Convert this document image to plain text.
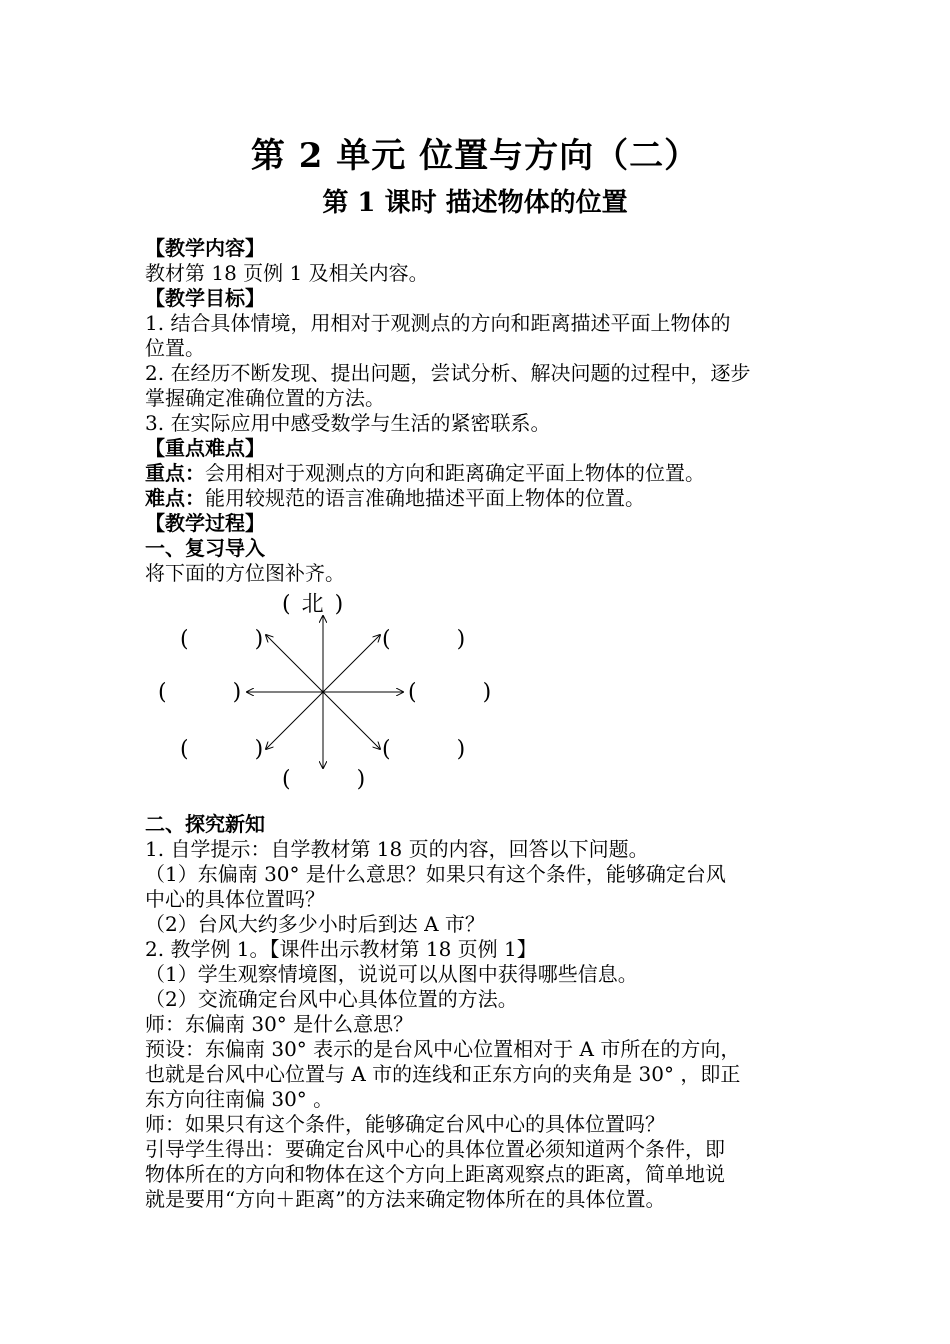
第 2 单元 位置与方向（二）
第 1 课时 描述物体的位置
【教学内容】
教材第 18 页例 1 及相关内容。
【教学目标】
1. 结合具体情境，用相对于观测点的方向和距离描述平面上物体的
位置。
2. 在经历不断发现、提出问题，尝试分析、解决问题的过程中，逐步
掌握确定准确位置的方法。
3. 在实际应用中感受数学与生活的紧密联系。
【重点难点】
重点：会用相对于观测点的方向和距离确定平面上物体的位置。
难点：能用较规范的语言准确地描述平面上物体的位置。
【教学过程】
一、复习导入
将下面的方位图补齐。
( 北 )
(	)	(	)
(	)	(	)
(	)	(	)
(	)
二、探究新知
1. 自学提示：自学教材第 18 页的内容，回答以下问题。
（1）东偏南 30° 是什么意思？如果只有这个条件，能够确定台风
中心的具体位置吗？
（2）台风大约多少小时后到达 A 市？
2. 教学例 1。【课件出示教材第 18 页例 1】
（1）学生观察情境图，说说可以从图中获得哪些信息。
（2）交流确定台风中心具体位置的方法。
师：东偏南 30° 是什么意思？
预设：东偏南 30° 表示的是台风中心位置相对于 A 市所在的方向，
也就是台风中心位置与 A 市的连线和正东方向的夹角是 30° ，即正
东方向往南偏 30° 。
师：如果只有这个条件，能够确定台风中心的具体位置吗？
引导学生得出：要确定台风中心的具体位置必须知道两个条件，即
物体所在的方向和物体在这个方向上距离观察点的距离，简单地说
就是要用“方向＋距离”的方法来确定物体所在的具体位置。
